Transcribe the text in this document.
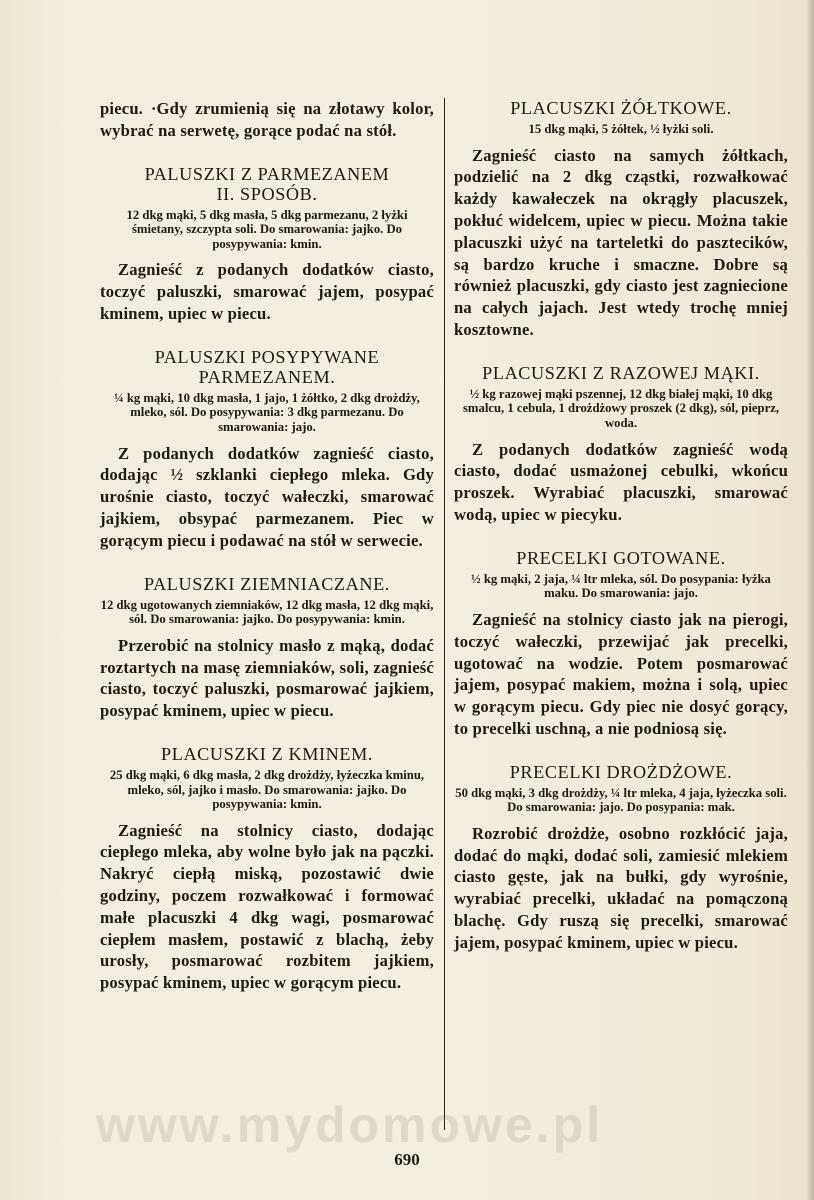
piecu. ·Gdy zrumienią się na złotawy kolor, wybrać na serwetę, gorące podać na stół.

PALUSZKI Z PARMEZANEM
II. SPOSÓB.

12 dkg mąki, 5 dkg masła, 5 dkg parmezanu, 2 łyżki śmietany, szczypta soli. Do smarowania: jajko. Do posypywania: kmin.

Zagnieść z podanych dodatków ciasto, toczyć paluszki, smarować jajem, posypać kminem, upiec w piecu.

PALUSZKI POSYPYWANE
PARMEZANEM.

¼ kg mąki, 10 dkg masła, 1 jajo, 1 żółtko, 2 dkg drożdży, mleko, sól. Do posypywania: 3 dkg parmezanu. Do smarowania: jajo.

Z podanych dodatków zagnieść ciasto, dodając ½ szklanki ciepłego mleka. Gdy urośnie ciasto, toczyć wałeczki, smarować jajkiem, obsypać parmezanem. Piec w gorącym piecu i podawać na stół w serwecie.

PALUSZKI ZIEMNIACZANE.

12 dkg ugotowanych ziemniaków, 12 dkg masła, 12 dkg mąki, sól. Do smarowania: jajko. Do posypywania: kmin.

Przerobić na stolnicy masło z mąką, dodać roztartych na masę ziemniaków, soli, zagnieść ciasto, toczyć paluszki, posmarować jajkiem, posypać kminem, upiec w piecu.

PLACUSZKI Z KMINEM.

25 dkg mąki, 6 dkg masła, 2 dkg drożdży, łyżeczka kminu, mleko, sól, jajko i masło. Do smarowania: jajko. Do posypywania: kmin.

Zagnieść na stolnicy ciasto, dodając ciepłego mleka, aby wolne było jak na pączki. Nakryć ciepłą miską, pozostawić dwie godziny, poczem rozwałkować i formować małe placuszki 4 dkg wagi, posmarować ciepłem masłem, postawić z blachą, żeby urosły, posmarować rozbitem jajkiem, posypać kminem, upiec w gorącym piecu.

PLACUSZKI ŻÓŁTKOWE.

15 dkg mąki, 5 żółtek, ½ łyżki soli.

Zagnieść ciasto na samych żółtkach, podzielić na 2 dkg cząstki, rozwałkować każdy kawałeczek na okrągły placuszek, pokłuć widelcem, upiec w piecu. Można takie placuszki użyć na tarteletki do pasztecików, są bardzo kruche i smaczne. Dobre są również placuszki, gdy ciasto jest zagniecione na całych jajach. Jest wtedy trochę mniej kosztowne.

PLACUSZKI Z RAZOWEJ MĄKI.

½ kg razowej mąki pszennej, 12 dkg białej mąki, 10 dkg smalcu, 1 cebula, 1 drożdżowy proszek (2 dkg), sól, pieprz, woda.

Z podanych dodatków zagnieść wodą ciasto, dodać usmażonej cebulki, wkońcu proszek. Wyrabiać placuszki, smarować wodą, upiec w piecyku.

PRECELKI GOTOWANE.

½ kg mąki, 2 jaja, ¼ ltr mleka, sól. Do posypania: łyżka maku. Do smarowania: jajo.

Zagnieść na stolnicy ciasto jak na pierogi, toczyć wałeczki, przewijać jak precelki, ugotować na wodzie. Potem posmarować jajem, posypać makiem, można i solą, upiec w gorącym piecu. Gdy piec nie dosyć gorący, to precelki uschną, a nie podniosą się.

PRECELKI DROŻDŻOWE.

50 dkg mąki, 3 dkg drożdży, ¼ ltr mleka, 4 jaja, łyżeczka soli. Do smarowania: jajo. Do posypania: mak.

Rozrobić drożdże, osobno rozkłócić jaja, dodać do mąki, dodać soli, zamiesić mlekiem ciasto gęste, jak na bułki, gdy wyrośnie, wyrabiać precelki, układać na pomączoną blachę. Gdy ruszą się precelki, smarować jajem, posypać kminem, upiec w piecu.

www.mydomowe.pl
690
